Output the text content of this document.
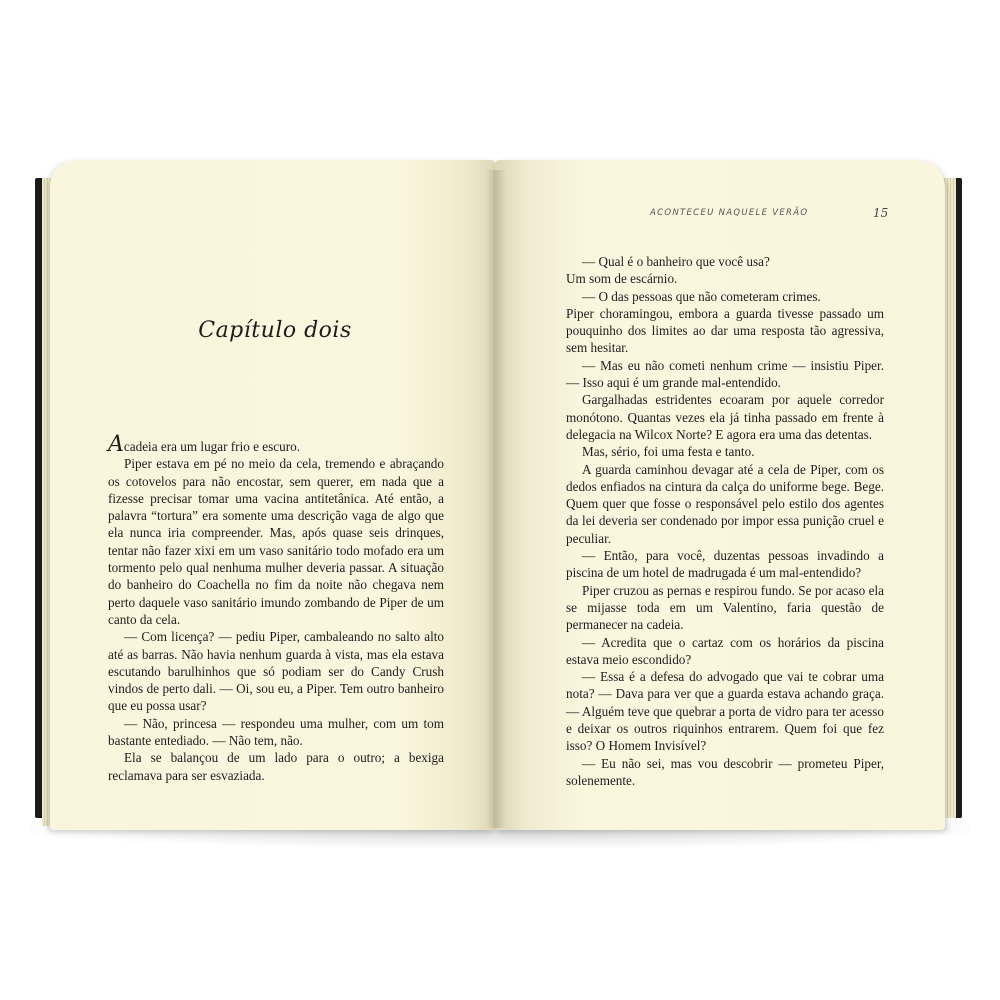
Capítulo dois

Acadeia era um lugar frio e escuro.

Piper estava em pé no meio da cela, tremendo e abraçando os cotovelos para não encostar, sem querer, em nada que a fizesse precisar tomar uma vacina antitetânica. Até então, a palavra “tortura” era somente uma descrição vaga de algo que ela nunca iria compreender. Mas, após quase seis drinques, tentar não fazer xixi em um vaso sanitário todo mofado era um tormento pelo qual nenhuma mulher deveria passar. A situação do banheiro do Coachella no fim da noite não chegava nem perto daquele vaso sanitário imundo zombando de Piper de um canto da cela.

— Com licença? — pediu Piper, cambaleando no salto alto até as barras. Não havia nenhum guarda à vista, mas ela estava escutando barulhinhos que só podiam ser do Candy Crush vindos de perto dali. — Oi, sou eu, a Piper. Tem outro banheiro que eu possa usar?

— Não, princesa — respondeu uma mulher, com um tom bastante entediado. — Não tem, não.

Ela se balançou de um lado para o outro; a bexiga reclamava para ser esvaziada.

ACONTECEU NAQUELE VERÃO	15

— Qual é o banheiro que você usa?

Um som de escárnio.

— O das pessoas que não cometeram crimes.

Piper choramingou, embora a guarda tivesse passado um pouquinho dos limites ao dar uma resposta tão agressiva, sem hesitar.

— Mas eu não cometi nenhum crime — insistiu Piper. — Isso aqui é um grande mal-entendido.

Gargalhadas estridentes ecoaram por aquele corredor monótono. Quantas vezes ela já tinha passado em frente à delegacia na Wilcox Norte? E agora era uma das detentas.

Mas, sério, foi uma festa e tanto.

A guarda caminhou devagar até a cela de Piper, com os dedos enfiados na cintura da calça do uniforme bege. Bege. Quem quer que fosse o responsável pelo estilo dos agentes da lei deveria ser condenado por impor essa punição cruel e peculiar.

— Então, para você, duzentas pessoas invadindo a piscina de um hotel de madrugada é um mal-entendido?

Piper cruzou as pernas e respirou fundo. Se por acaso ela se mijasse toda em um Valentino, faria questão de permanecer na cadeia.

— Acredita que o cartaz com os horários da piscina estava meio escondido?

— Essa é a defesa do advogado que vai te cobrar uma nota? — Dava para ver que a guarda estava achando graça. — Alguém teve que quebrar a porta de vidro para ter acesso e deixar os outros riquinhos entrarem. Quem foi que fez isso? O Homem Invisível?

— Eu não sei, mas vou descobrir — prometeu Piper, solenemente.
